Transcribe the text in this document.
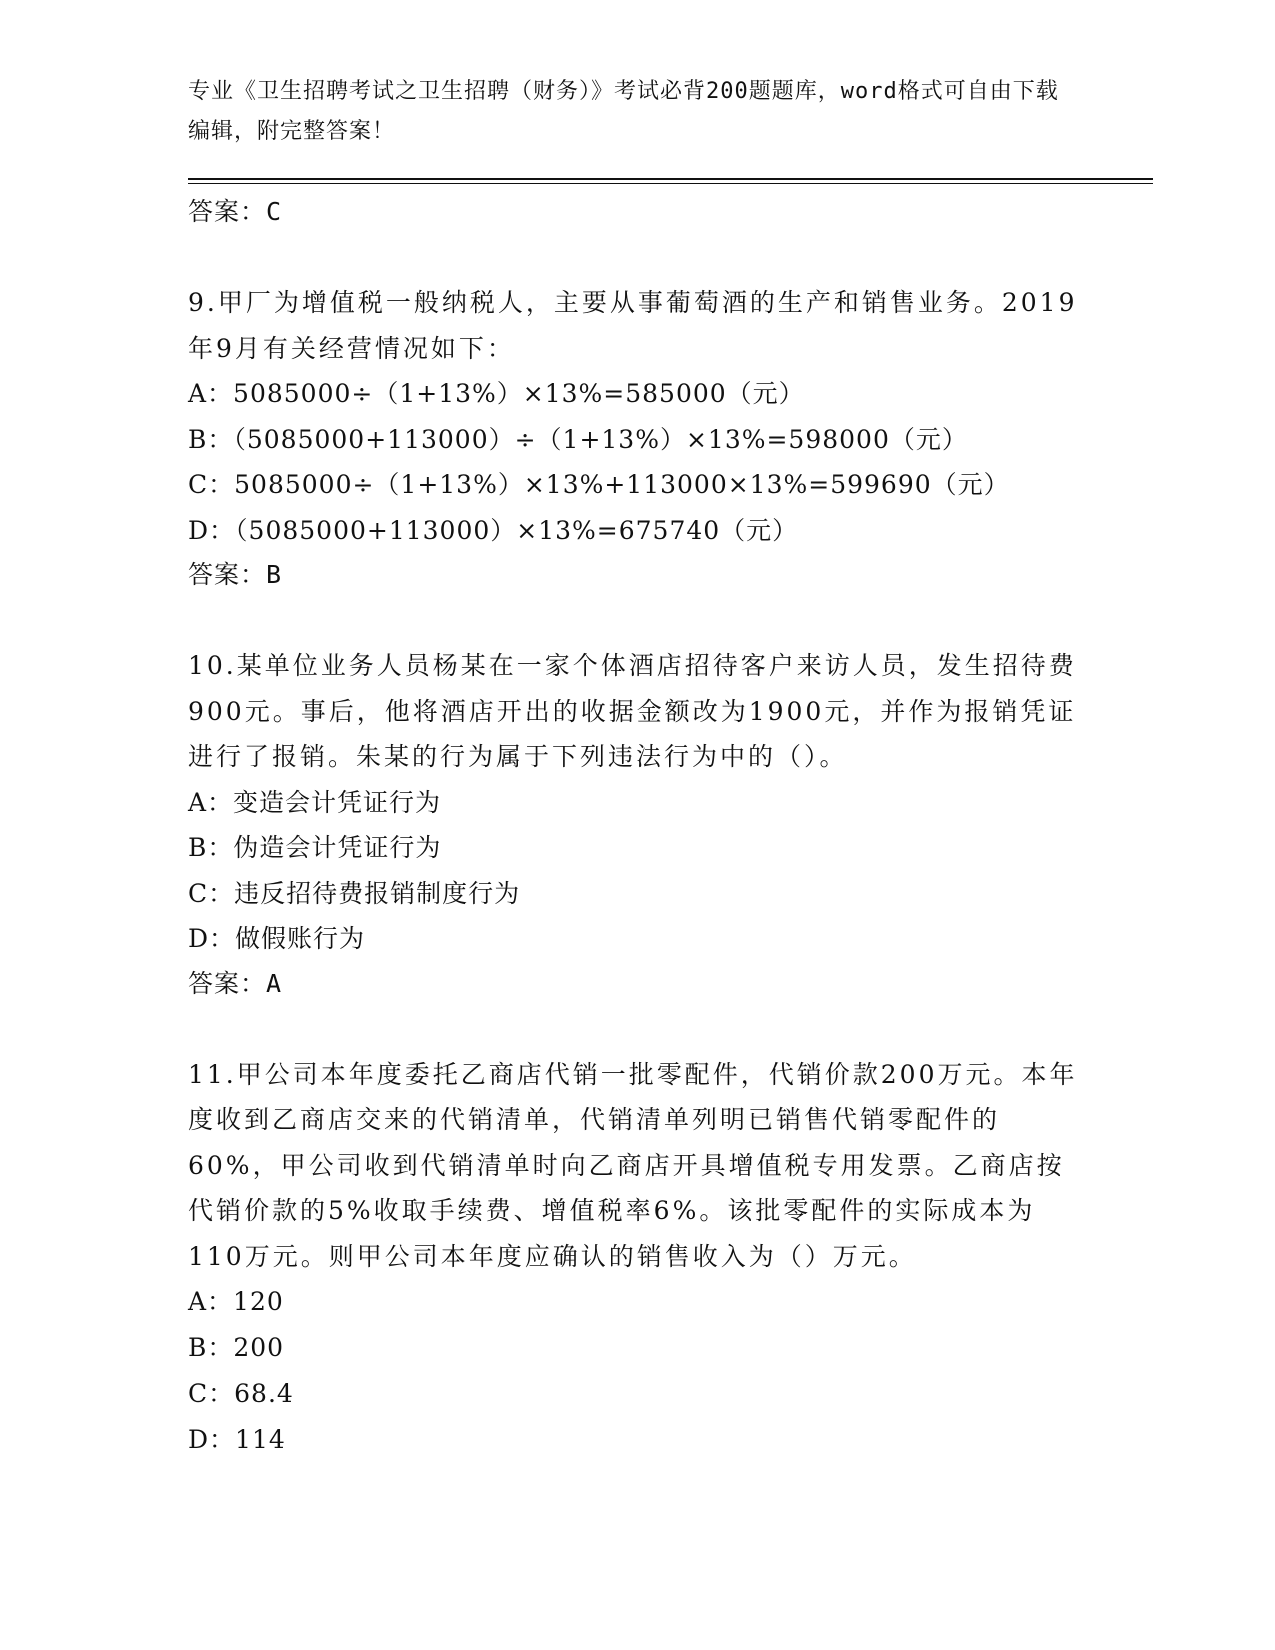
专业《卫生招聘考试之卫生招聘（财务）》考试必背200题题库，word格式可自由下载编辑，附完整答案！
答案：C
9.甲厂为增值税一般纳税人，主要从事葡萄酒的生产和销售业务。2019年9月有关经营情况如下：
A：5085000÷（1+13%）×13%=585000（元）
B：（5085000+113000）÷（1+13%）×13%=598000（元）
C：5085000÷（1+13%）×13%+113000×13%=599690（元）
D：（5085000+113000）×13%=675740（元）
答案：B
10.某单位业务人员杨某在一家个体酒店招待客户来访人员，发生招待费900元。事后，他将酒店开出的收据金额改为1900元，并作为报销凭证进行了报销。朱某的行为属于下列违法行为中的（）。
A：变造会计凭证行为
B：伪造会计凭证行为
C：违反招待费报销制度行为
D：做假账行为
答案：A
11.甲公司本年度委托乙商店代销一批零配件，代销价款200万元。本年度收到乙商店交来的代销清单，代销清单列明已销售代销零配件的60%，甲公司收到代销清单时向乙商店开具增值税专用发票。乙商店按代销价款的5%收取手续费、增值税率6%。该批零配件的实际成本为110万元。则甲公司本年度应确认的销售收入为（）万元。
A：120
B：200
C：68.4
D：114
